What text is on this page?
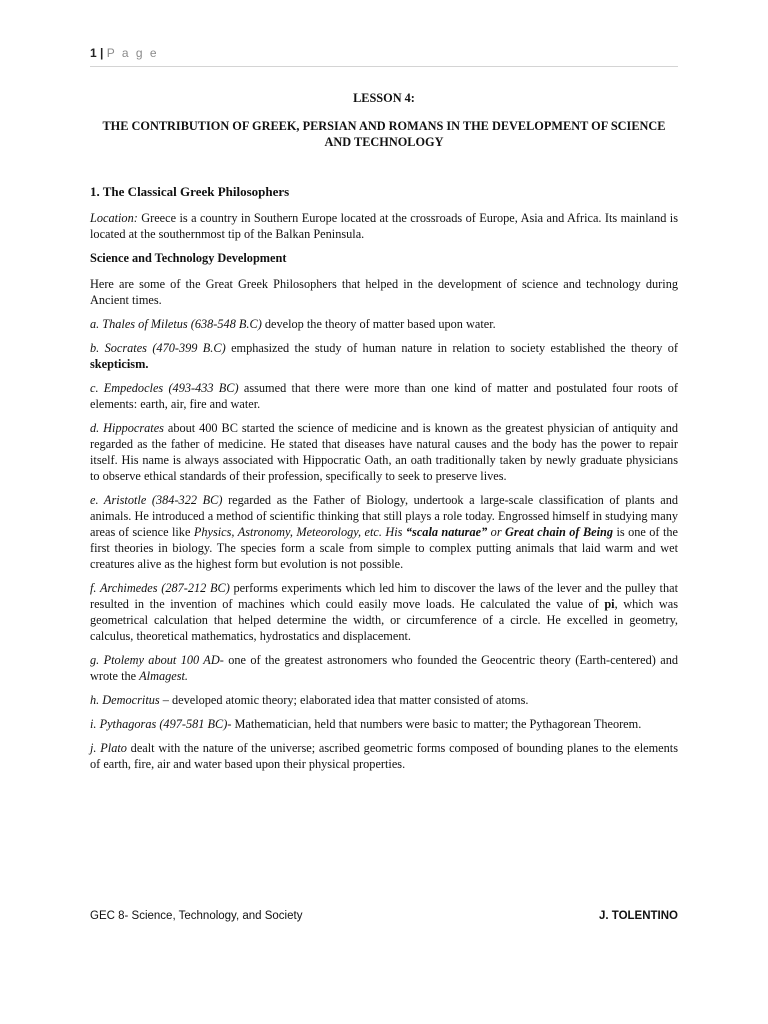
1 | P a g e
LESSON 4:
THE CONTRIBUTION OF GREEK, PERSIAN AND ROMANS IN THE DEVELOPMENT OF SCIENCE AND TECHNOLOGY
1. The Classical Greek Philosophers

Location: Greece is a country in Southern Europe located at the crossroads of Europe, Asia and Africa. Its mainland is located at the southernmost tip of the Balkan Peninsula.

Science and Technology Development

Here are some of the Great Greek Philosophers that helped in the development of science and technology during Ancient times.

a. Thales of Miletus (638-548 B.C) develop the theory of matter based upon water.

b. Socrates (470-399 B.C) emphasized the study of human nature in relation to society established the theory of skepticism.

c. Empedocles (493-433 BC) assumed that there were more than one kind of matter and postulated four roots of elements: earth, air, fire and water.

d. Hippocrates about 400 BC started the science of medicine and is known as the greatest physician of antiquity and regarded as the father of medicine. He stated that diseases have natural causes and the body has the power to repair itself. His name is always associated with Hippocratic Oath, an oath traditionally taken by newly graduate physicians to observe ethical standards of their profession, specifically to seek to preserve lives.

e. Aristotle (384-322 BC) regarded as the Father of Biology, undertook a large-scale classification of plants and animals. He introduced a method of scientific thinking that still plays a role today. Engrossed himself in studying many areas of science like Physics, Astronomy, Meteorology, etc. His “scala naturae” or Great chain of Being is one of the first theories in biology. The species form a scale from simple to complex putting animals that laid warm and wet creatures alive as the highest form but evolution is not possible.

f. Archimedes (287-212 BC) performs experiments which led him to discover the laws of the lever and the pulley that resulted in the invention of machines which could easily move loads. He calculated the value of pi, which was geometrical calculation that helped determine the width, or circumference of a circle. He excelled in geometry, calculus, theoretical mathematics, hydrostatics and displacement.

g. Ptolemy about 100 AD- one of the greatest astronomers who founded the Geocentric theory (Earth-centered) and wrote the Almagest.

h. Democritus – developed atomic theory; elaborated idea that matter consisted of atoms.

i. Pythagoras (497-581 BC)- Mathematician, held that numbers were basic to matter; the Pythagorean Theorem.

j. Plato dealt with the nature of the universe; ascribed geometric forms composed of bounding planes to the elements of earth, fire, air and water based upon their physical properties.

GEC 8- Science, Technology, and Society	J. TOLENTINO
